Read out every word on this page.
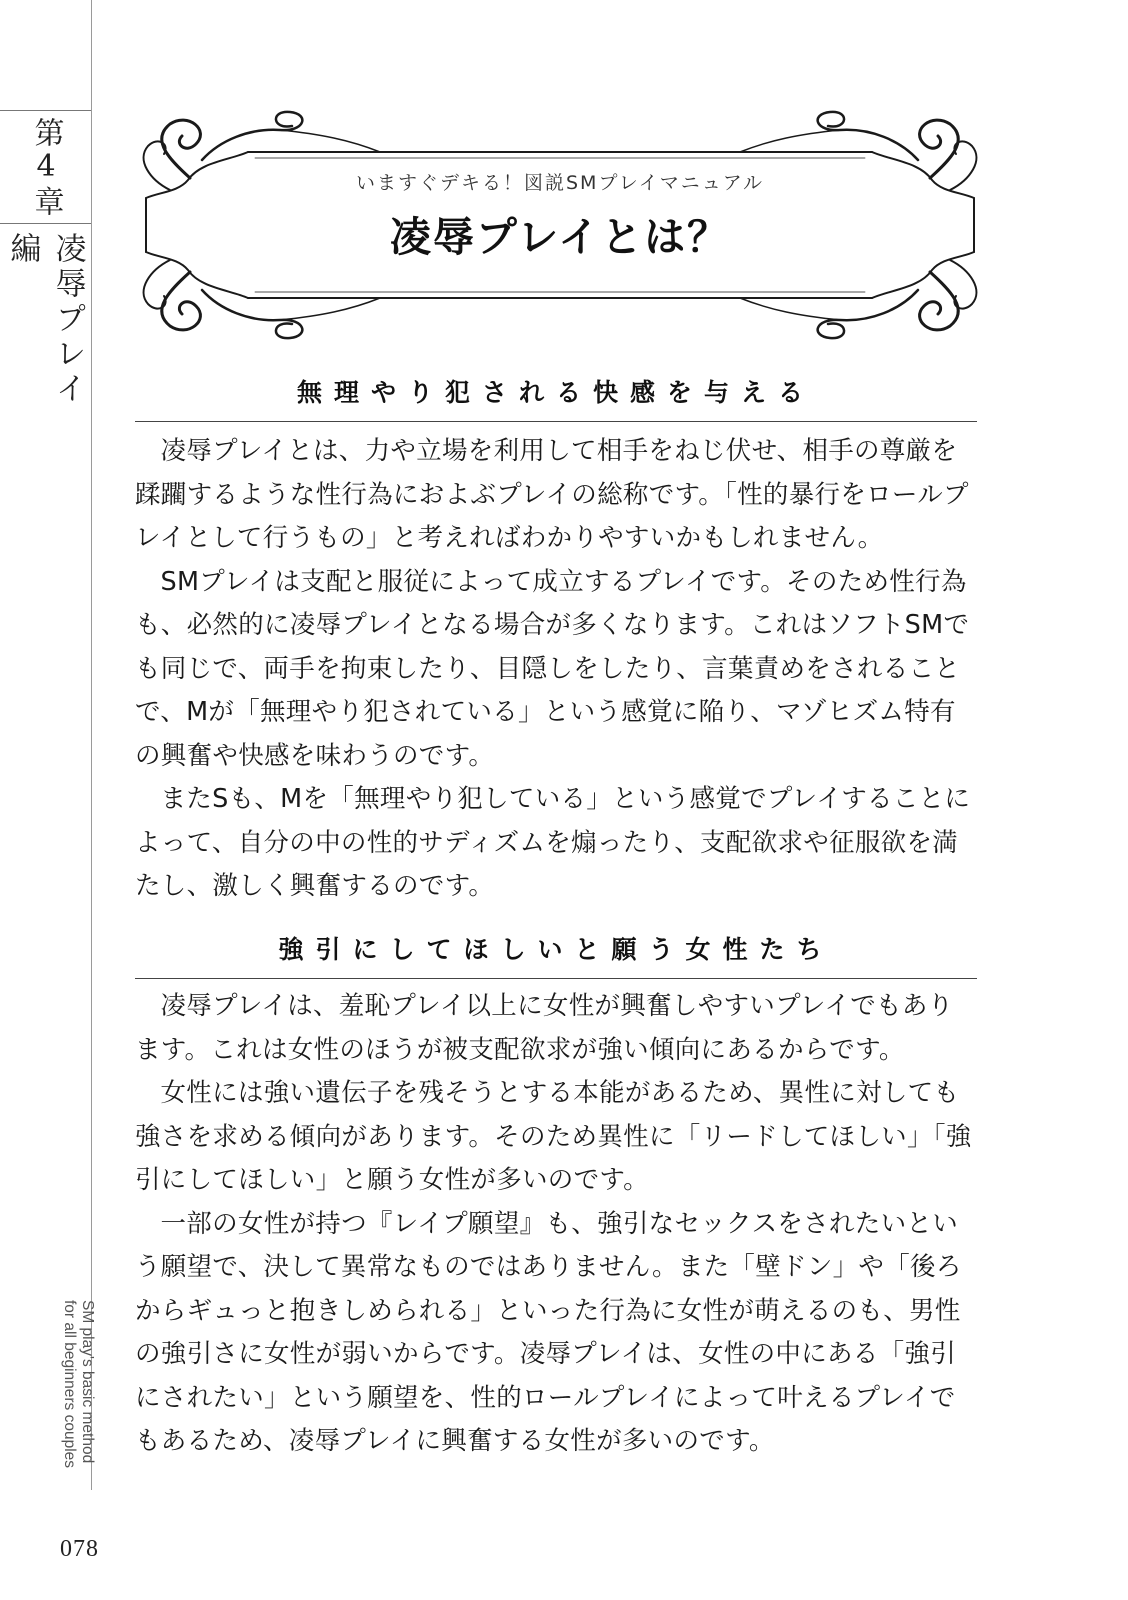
第4章
凌辱プレイ編
SM play's basic method
for all beginners couples
078
いますぐデキる！図説SMプレイマニュアル
凌辱プレイとは？
無理やり犯される快感を与える

凌辱プレイとは、力や立場を利用して相手をねじ伏せ、相手の尊厳を蹂躙するような性行為におよぶプレイの総称です。「性的暴行をロールプレイとして行うもの」と考えればわかりやすいかもしれません。

SMプレイは支配と服従によって成立するプレイです。そのため性行為も、必然的に凌辱プレイとなる場合が多くなります。これはソフトSMでも同じで、両手を拘束したり、目隠しをしたり、言葉責めをされることで、Mが「無理やり犯されている」という感覚に陥り、マゾヒズム特有の興奮や快感を味わうのです。

またSも、Mを「無理やり犯している」という感覚でプレイすることによって、自分の中の性的サディズムを煽ったり、支配欲求や征服欲を満たし、激しく興奮するのです。

強引にしてほしいと願う女性たち

凌辱プレイは、羞恥プレイ以上に女性が興奮しやすいプレイでもあります。これは女性のほうが被支配欲求が強い傾向にあるからです。

女性には強い遺伝子を残そうとする本能があるため、異性に対しても強さを求める傾向があります。そのため異性に「リードしてほしい」「強引にしてほしい」と願う女性が多いのです。

一部の女性が持つ『レイプ願望』も、強引なセックスをされたいという願望で、決して異常なものではありません。また「壁ドン」や「後ろからギュっと抱きしめられる」といった行為に女性が萌えるのも、男性の強引さに女性が弱いからです。凌辱プレイは、女性の中にある「強引にされたい」という願望を、性的ロールプレイによって叶えるプレイでもあるため、凌辱プレイに興奮する女性が多いのです。
